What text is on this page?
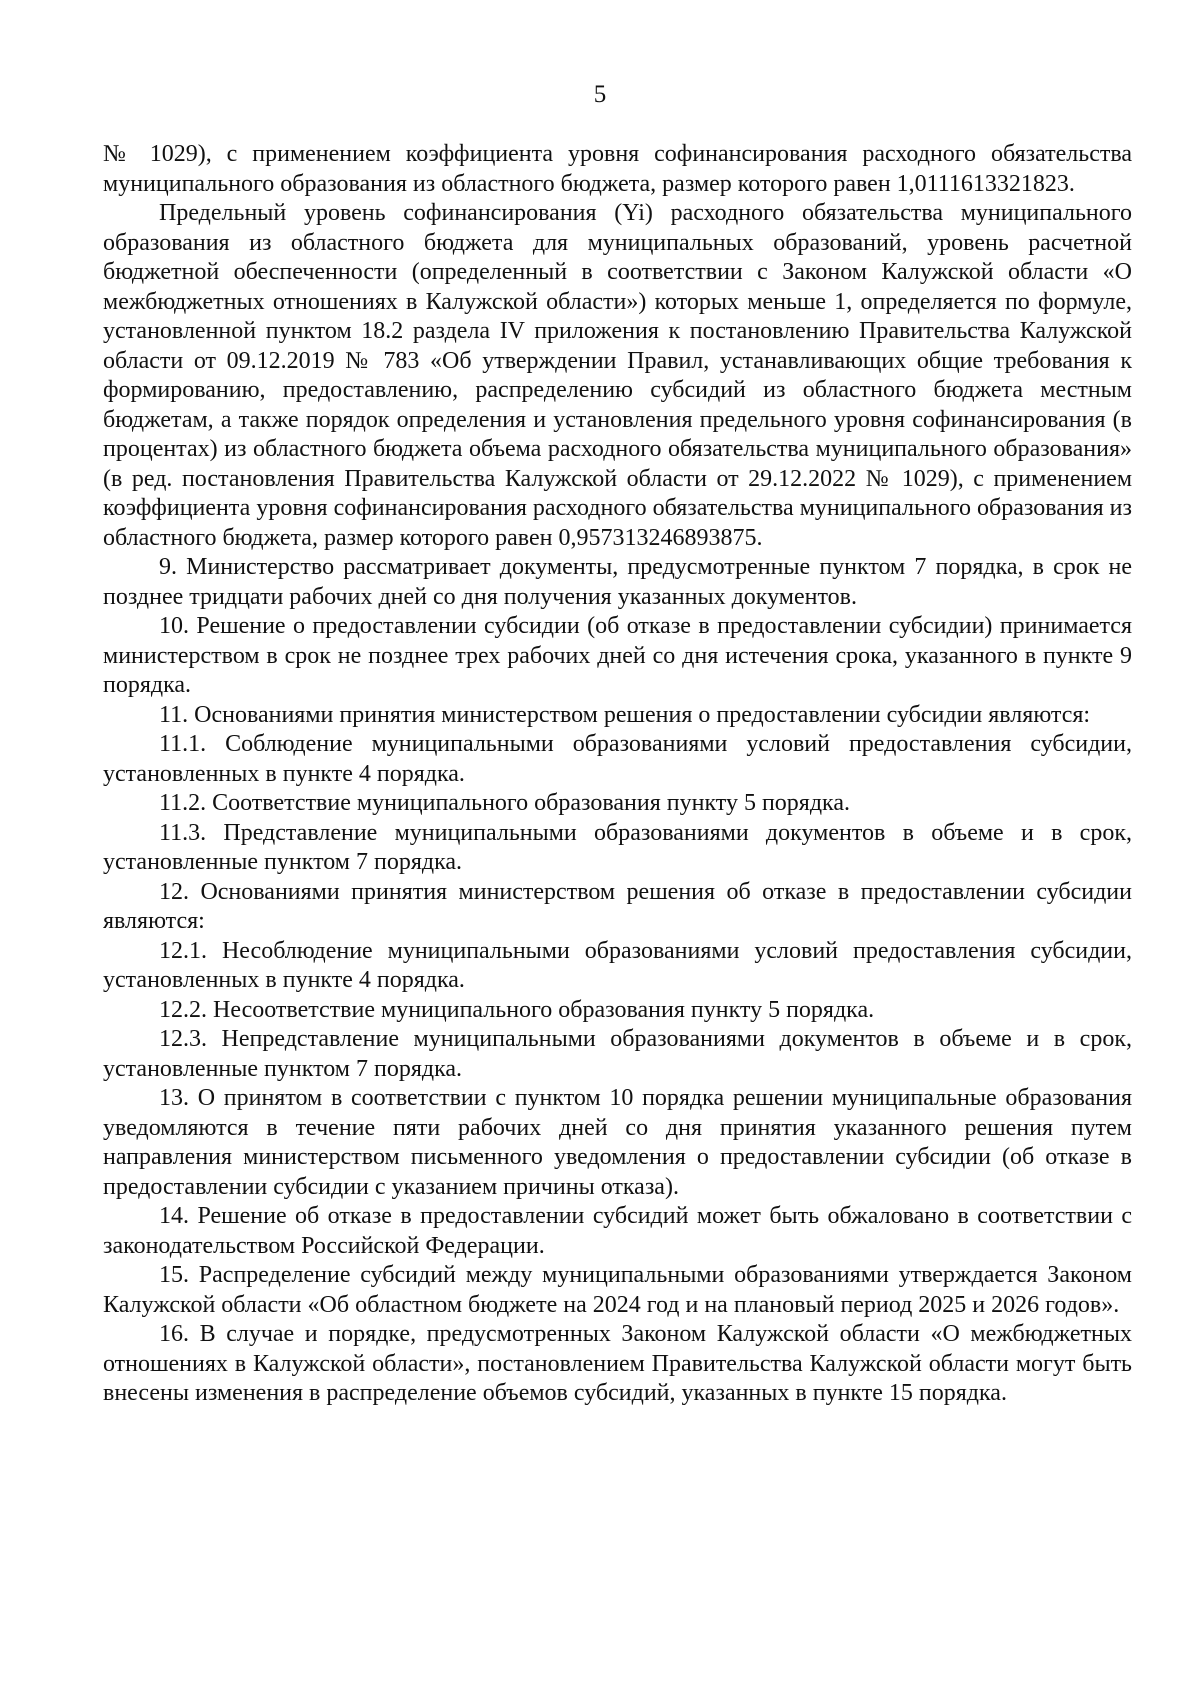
5

№ 1029), с применением коэффициента уровня софинансирования расходного обязательства муниципального образования из областного бюджета, размер которого равен 1,0111613321823.

Предельный уровень софинансирования (Yi) расходного обязательства муниципального образования из областного бюджета для муниципальных образований, уровень расчетной бюджетной обеспеченности (определенный в соответствии с Законом Калужской области «О межбюджетных отношениях в Калужской области») которых меньше 1, определяется по формуле, установленной пунктом 18.2 раздела IV приложения к постановлению Правительства Калужской области от 09.12.2019 № 783 «Об утверждении Правил, устанавливающих общие требования к формированию, предоставлению, распределению субсидий из областного бюджета местным бюджетам, а также порядок определения и установления предельного уровня софинансирования (в процентах) из областного бюджета объема расходного обязательства муниципального образования» (в ред. постановления Правительства Калужской области от 29.12.2022 № 1029), с применением коэффициента уровня софинансирования расходного обязательства муниципального образования из областного бюджета, размер которого равен 0,957313246893875.

9. Министерство рассматривает документы, предусмотренные пунктом 7 порядка, в срок не позднее тридцати рабочих дней со дня получения указанных документов.

10. Решение о предоставлении субсидии (об отказе в предоставлении субсидии) принимается министерством в срок не позднее трех рабочих дней со дня истечения срока, указанного в пункте 9 порядка.

11. Основаниями принятия министерством решения о предоставлении субсидии являются:

11.1. Соблюдение муниципальными образованиями условий предоставления субсидии, установленных в пункте 4 порядка.

11.2. Соответствие муниципального образования пункту 5 порядка.

11.3. Представление муниципальными образованиями документов в объеме и в срок, установленные пунктом 7 порядка.

12. Основаниями принятия министерством решения об отказе в предоставлении субсидии являются:

12.1. Несоблюдение муниципальными образованиями условий предоставления субсидии, установленных в пункте 4 порядка.

12.2. Несоответствие муниципального образования пункту 5 порядка.

12.3. Непредставление муниципальными образованиями документов в объеме и в срок, установленные пунктом 7 порядка.

13. О принятом в соответствии с пунктом 10 порядка решении муниципальные образования уведомляются в течение пяти рабочих дней со дня принятия указанного решения путем направления министерством письменного уведомления о предоставлении субсидии (об отказе в предоставлении субсидии с указанием причины отказа).

14. Решение об отказе в предоставлении субсидий может быть обжаловано в соответствии с законодательством Российской Федерации.

15. Распределение субсидий между муниципальными образованиями утверждается Законом Калужской области «Об областном бюджете на 2024 год и на плановый период 2025 и 2026 годов».

16. В случае и порядке, предусмотренных Законом Калужской области «О межбюджетных отношениях в Калужской области», постановлением Правительства Калужской области могут быть внесены изменения в распределение объемов субсидий, указанных в пункте 15 порядка.
